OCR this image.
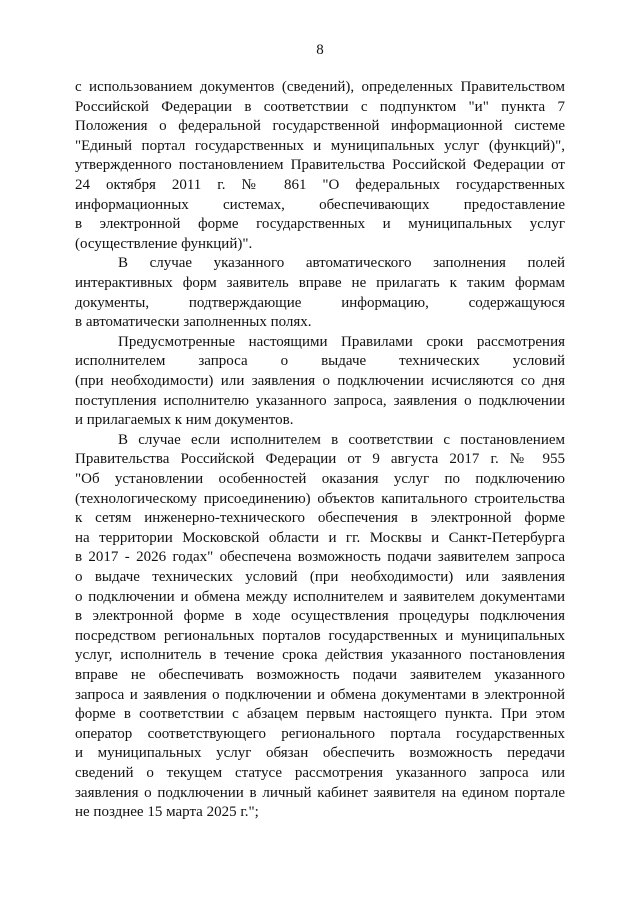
8
с использованием документов (сведений), определенных Правительством
Российской Федерации в соответствии с подпунктом "и" пункта 7
Положения о федеральной государственной информационной системе
"Единый портал государственных и муниципальных услуг (функций)",
утвержденного постановлением Правительства Российской Федерации от
24 октября 2011 г. № 861 "О федеральных государственных
информационных системах, обеспечивающих предоставление
в электронной форме государственных и муниципальных услуг
(осуществление функций)".
В случае указанного автоматического заполнения полей
интерактивных форм заявитель вправе не прилагать к таким формам
документы, подтверждающие информацию, содержащуюся
в автоматически заполненных полях.
Предусмотренные настоящими Правилами сроки рассмотрения
исполнителем запроса о выдаче технических условий
(при необходимости) или заявления о подключении исчисляются со дня
поступления исполнителю указанного запроса, заявления о подключении
и прилагаемых к ним документов.
В случае если исполнителем в соответствии с постановлением
Правительства Российской Федерации от 9 августа 2017 г. № 955
"Об установлении особенностей оказания услуг по подключению
(технологическому присоединению) объектов капитального строительства
к сетям инженерно-технического обеспечения в электронной форме
на территории Московской области и гг. Москвы и Санкт-Петербурга
в 2017 - 2026 годах" обеспечена возможность подачи заявителем запроса
о выдаче технических условий (при необходимости) или заявления
о подключении и обмена между исполнителем и заявителем документами
в электронной форме в ходе осуществления процедуры подключения
посредством региональных порталов государственных и муниципальных
услуг, исполнитель в течение срока действия указанного постановления
вправе не обеспечивать возможность подачи заявителем указанного
запроса и заявления о подключении и обмена документами в электронной
форме в соответствии с абзацем первым настоящего пункта. При этом
оператор соответствующего регионального портала государственных
и муниципальных услуг обязан обеспечить возможность передачи
сведений о текущем статусе рассмотрения указанного запроса или
заявления о подключении в личный кабинет заявителя на едином портале
не позднее 15 марта 2025 г.";
